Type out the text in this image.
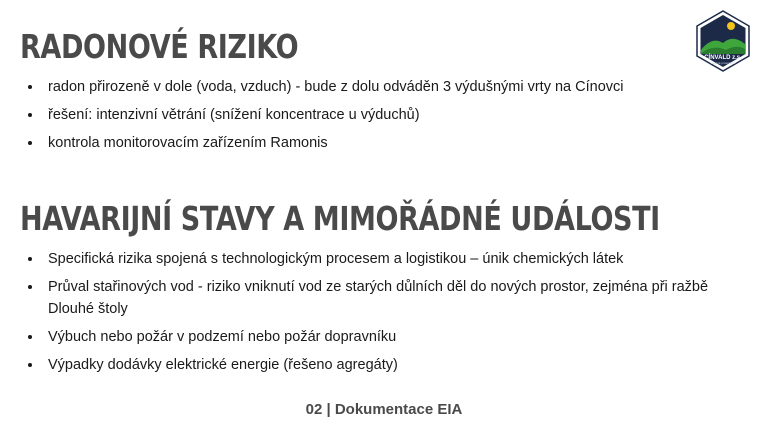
RADONOVÉ RIZIKO
radon přirozeně v dole (voda, vzduch) - bude z dolu odváděn 3 výdušnými vrty na Cínovci
řešení: intenzivní větrání (snížení koncentrace u výduchů)
kontrola monitorovacím zařízením Ramonis
HAVARIJNÍ STAVY A MIMOŘÁDNÉ UDÁLOSTI
Specifická rizika spojená s technologickým procesem a logistikou – únik chemických látek
Průval stařinových vod - riziko vniknutí vod ze starých důlních děl do nových prostor, zejména při ražbě Dlouhé štoly
Výbuch nebo požár v podzemí nebo požár dopravníku
Výpadky dodávky elektrické energie (řešeno agregáty)
02 | Dokumentace EIA
CÍNVALD z.s.
obecně prospěšná
